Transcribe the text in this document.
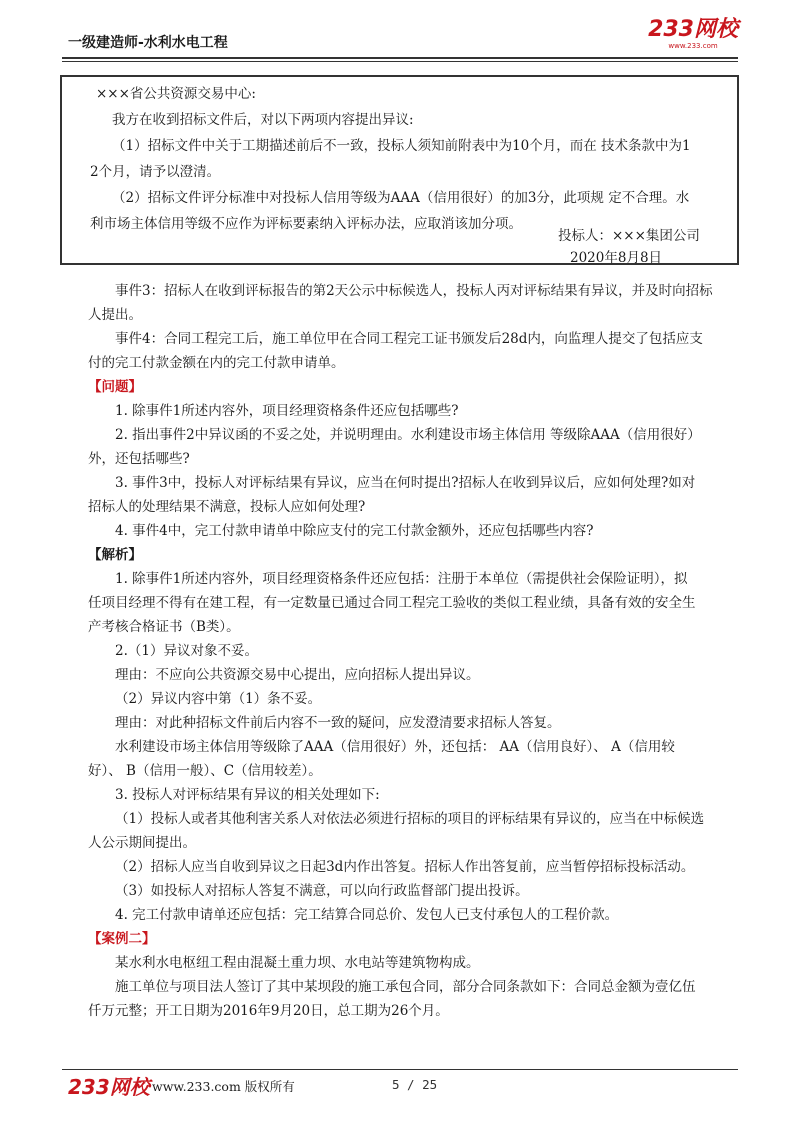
一级建造师-水利水电工程
233网校
www.233.com

×××省公共资源交易中心:

我方在收到招标文件后，对以下两项内容提出异议:

（1）招标文件中关于工期描述前后不一致，投标人须知前附表中为10个月，而在 技术条款中为1

2个月，请予以澄清。

（2）招标文件评分标准中对投标人信用等级为AAA（信用很好）的加3分，此项规 定不合理。水

利市场主体信用等级不应作为评标要素纳入评标办法，应取消该加分项。

投标人：×××集团公司

2020年8月8日

事件3：招标人在收到评标报告的第2天公示中标候选人，投标人丙对评标结果有异议，并及时向招标

人提出。

事件4：合同工程完工后，施工单位甲在合同工程完工证书颁发后28d内，向监理人提交了包括应支

付的完工付款金额在内的完工付款申请单。

【问题】

1. 除事件1所述内容外，项目经理资格条件还应包括哪些?

2. 指出事件2中异议函的不妥之处，并说明理由。水利建设市场主体信用 等级除AAA（信用很好）

外，还包括哪些?

3. 事件3中，投标人对评标结果有异议，应当在何时提出?招标人在收到异议后，应如何处理?如对

招标人的处理结果不满意，投标人应如何处理?

4. 事件4中，完工付款申请单中除应支付的完工付款金额外，还应包括哪些内容?

【解析】

1. 除事件1所述内容外，项目经理资格条件还应包括：注册于本单位（需提供社会保险证明），拟

任项目经理不得有在建工程，有一定数量已通过合同工程完工验收的类似工程业绩，具备有效的安全生

产考核合格证书（B类）。

2.（1）异议对象不妥。

理由：不应向公共资源交易中心提出，应向招标人提出异议。

（2）异议内容中第（1）条不妥。

理由：对此种招标文件前后内容不一致的疑问，应发澄清要求招标人答复。

水利建设市场主体信用等级除了AAA（信用很好）外，还包括： AA（信用良好）、 A（信用较

好）、 B（信用一般）、C（信用较差）。

3. 投标人对评标结果有异议的相关处理如下:

（1）投标人或者其他利害关系人对依法必须进行招标的项目的评标结果有异议的，应当在中标候选

人公示期间提出。

（2）招标人应当自收到异议之日起3d内作出答复。招标人作出答复前，应当暂停招标投标活动。

（3）如投标人对招标人答复不满意，可以向行政监督部门提出投诉。

4. 完工付款申请单还应包括：完工结算合同总价、发包人已支付承包人的工程价款。

【案例二】

某水利水电枢纽工程由混凝土重力坝、水电站等建筑物构成。

施工单位与项目法人签订了其中某坝段的施工承包合同，部分合同条款如下：合同总金额为壹亿伍

仟万元整；开工日期为2016年9月20日，总工期为26个月。

233网校 www.233.com 版权所有	5 / 25
